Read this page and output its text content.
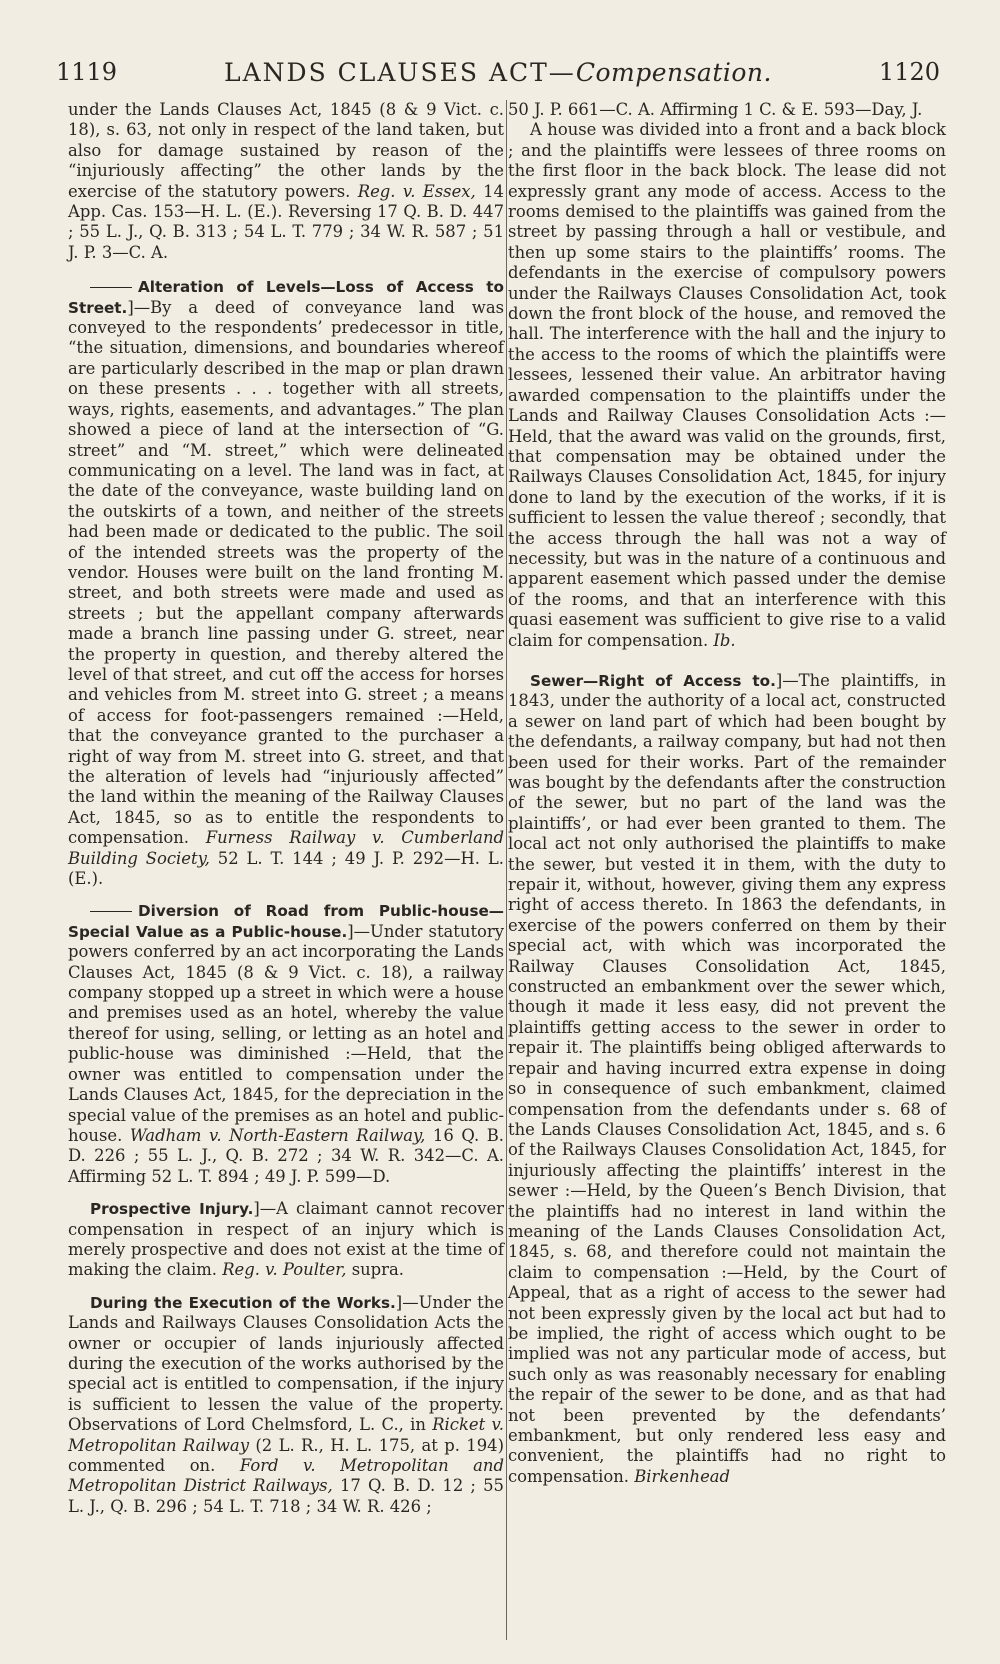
1119	LANDS CLAUSES ACT—Compensation.	1120

under the Lands Clauses Act, 1845 (8 & 9 Vict. c. 18), s. 63, not only in respect of the land taken, but also for damage sustained by reason of the “injuriously affecting” the other lands by the exercise of the statutory powers. Reg. v. Essex, 14 App. Cas. 153—H. L. (E.). Reversing 17 Q. B. D. 447 ; 55 L. J., Q. B. 313 ; 54 L. T. 779 ; 34 W. R. 587 ; 51 J. P. 3—C. A.

Alteration of Levels—Loss of Access to Street.]—By a deed of conveyance land was conveyed to the respondents’ predecessor in title, “the situation, dimensions, and boundaries whereof are particularly described in the map or plan drawn on these presents . . . together with all streets, ways, rights, easements, and advantages.” The plan showed a piece of land at the intersection of “G. street” and “M. street,” which were delineated communicating on a level. The land was in fact, at the date of the conveyance, waste building land on the outskirts of a town, and neither of the streets had been made or dedicated to the public. The soil of the intended streets was the property of the vendor. Houses were built on the land fronting M. street, and both streets were made and used as streets ; but the appellant company afterwards made a branch line passing under G. street, near the property in question, and thereby altered the level of that street, and cut off the access for horses and vehicles from M. street into G. street ; a means of access for foot-passengers remained :—Held, that the conveyance granted to the purchaser a right of way from M. street into G. street, and that the alteration of levels had “injuriously affected” the land within the meaning of the Railway Clauses Act, 1845, so as to entitle the respondents to compensation. Furness Railway v. Cumberland Building Society, 52 L. T. 144 ; 49 J. P. 292—H. L. (E.).

Diversion of Road from Public-house—Special Value as a Public-house.]—Under statutory powers conferred by an act incorporating the Lands Clauses Act, 1845 (8 & 9 Vict. c. 18), a railway company stopped up a street in which were a house and premises used as an hotel, whereby the value thereof for using, selling, or letting as an hotel and public-house was diminished :—Held, that the owner was entitled to compensation under the Lands Clauses Act, 1845, for the depreciation in the special value of the premises as an hotel and public-house. Wadham v. North-Eastern Railway, 16 Q. B. D. 226 ; 55 L. J., Q. B. 272 ; 34 W. R. 342—C. A. Affirming 52 L. T. 894 ; 49 J. P. 599—D.

Prospective Injury.]—A claimant cannot recover compensation in respect of an injury which is merely prospective and does not exist at the time of making the claim. Reg. v. Poulter, supra.

During the Execution of the Works.]—Under the Lands and Railways Clauses Consolidation Acts the owner or occupier of lands injuriously affected during the execution of the works authorised by the special act is entitled to compensation, if the injury is sufficient to lessen the value of the property. Observations of Lord Chelmsford, L. C., in Ricket v. Metropolitan Railway (2 L. R., H. L. 175, at p. 194) commented on. Ford v. Metropolitan and Metropolitan District Railways, 17 Q. B. D. 12 ; 55 L. J., Q. B. 296 ; 54 L. T. 718 ; 34 W. R. 426 ;

50 J. P. 661—C. A. Affirming 1 C. & E. 593—Day, J.

A house was divided into a front and a back block ; and the plaintiffs were lessees of three rooms on the first floor in the back block. The lease did not expressly grant any mode of access. Access to the rooms demised to the plaintiffs was gained from the street by passing through a hall or vestibule, and then up some stairs to the plaintiffs’ rooms. The defendants in the exercise of compulsory powers under the Railways Clauses Consolidation Act, took down the front block of the house, and removed the hall. The interference with the hall and the injury to the access to the rooms of which the plaintiffs were lessees, lessened their value. An arbitrator having awarded compensation to the plaintiffs under the Lands and Railway Clauses Consolidation Acts :—Held, that the award was valid on the grounds, first, that compensation may be obtained under the Railways Clauses Consolidation Act, 1845, for injury done to land by the execution of the works, if it is sufficient to lessen the value thereof ; secondly, that the access through the hall was not a way of necessity, but was in the nature of a continuous and apparent easement which passed under the demise of the rooms, and that an interference with this quasi easement was sufficient to give rise to a valid claim for compensation. Ib.

Sewer—Right of Access to.]—The plaintiffs, in 1843, under the authority of a local act, constructed a sewer on land part of which had been bought by the defendants, a railway company, but had not then been used for their works. Part of the remainder was bought by the defendants after the construction of the sewer, but no part of the land was the plaintiffs’, or had ever been granted to them. The local act not only authorised the plaintiffs to make the sewer, but vested it in them, with the duty to repair it, without, however, giving them any express right of access thereto. In 1863 the defendants, in exercise of the powers conferred on them by their special act, with which was incorporated the Railway Clauses Consolidation Act, 1845, constructed an embankment over the sewer which, though it made it less easy, did not prevent the plaintiffs getting access to the sewer in order to repair it. The plaintiffs being obliged afterwards to repair and having incurred extra expense in doing so in consequence of such embankment, claimed compensation from the defendants under s. 68 of the Lands Clauses Consolidation Act, 1845, and s. 6 of the Railways Clauses Consolidation Act, 1845, for injuriously affecting the plaintiffs’ interest in the sewer :—Held, by the Queen’s Bench Division, that the plaintiffs had no interest in land within the meaning of the Lands Clauses Consolidation Act, 1845, s. 68, and therefore could not maintain the claim to compensation :—Held, by the Court of Appeal, that as a right of access to the sewer had not been expressly given by the local act but had to be implied, the right of access which ought to be implied was not any particular mode of access, but such only as was reasonably necessary for enabling the repair of the sewer to be done, and as that had not been prevented by the defendants’ embankment, but only rendered less easy and convenient, the plaintiffs had no right to compensation. Birkenhead
